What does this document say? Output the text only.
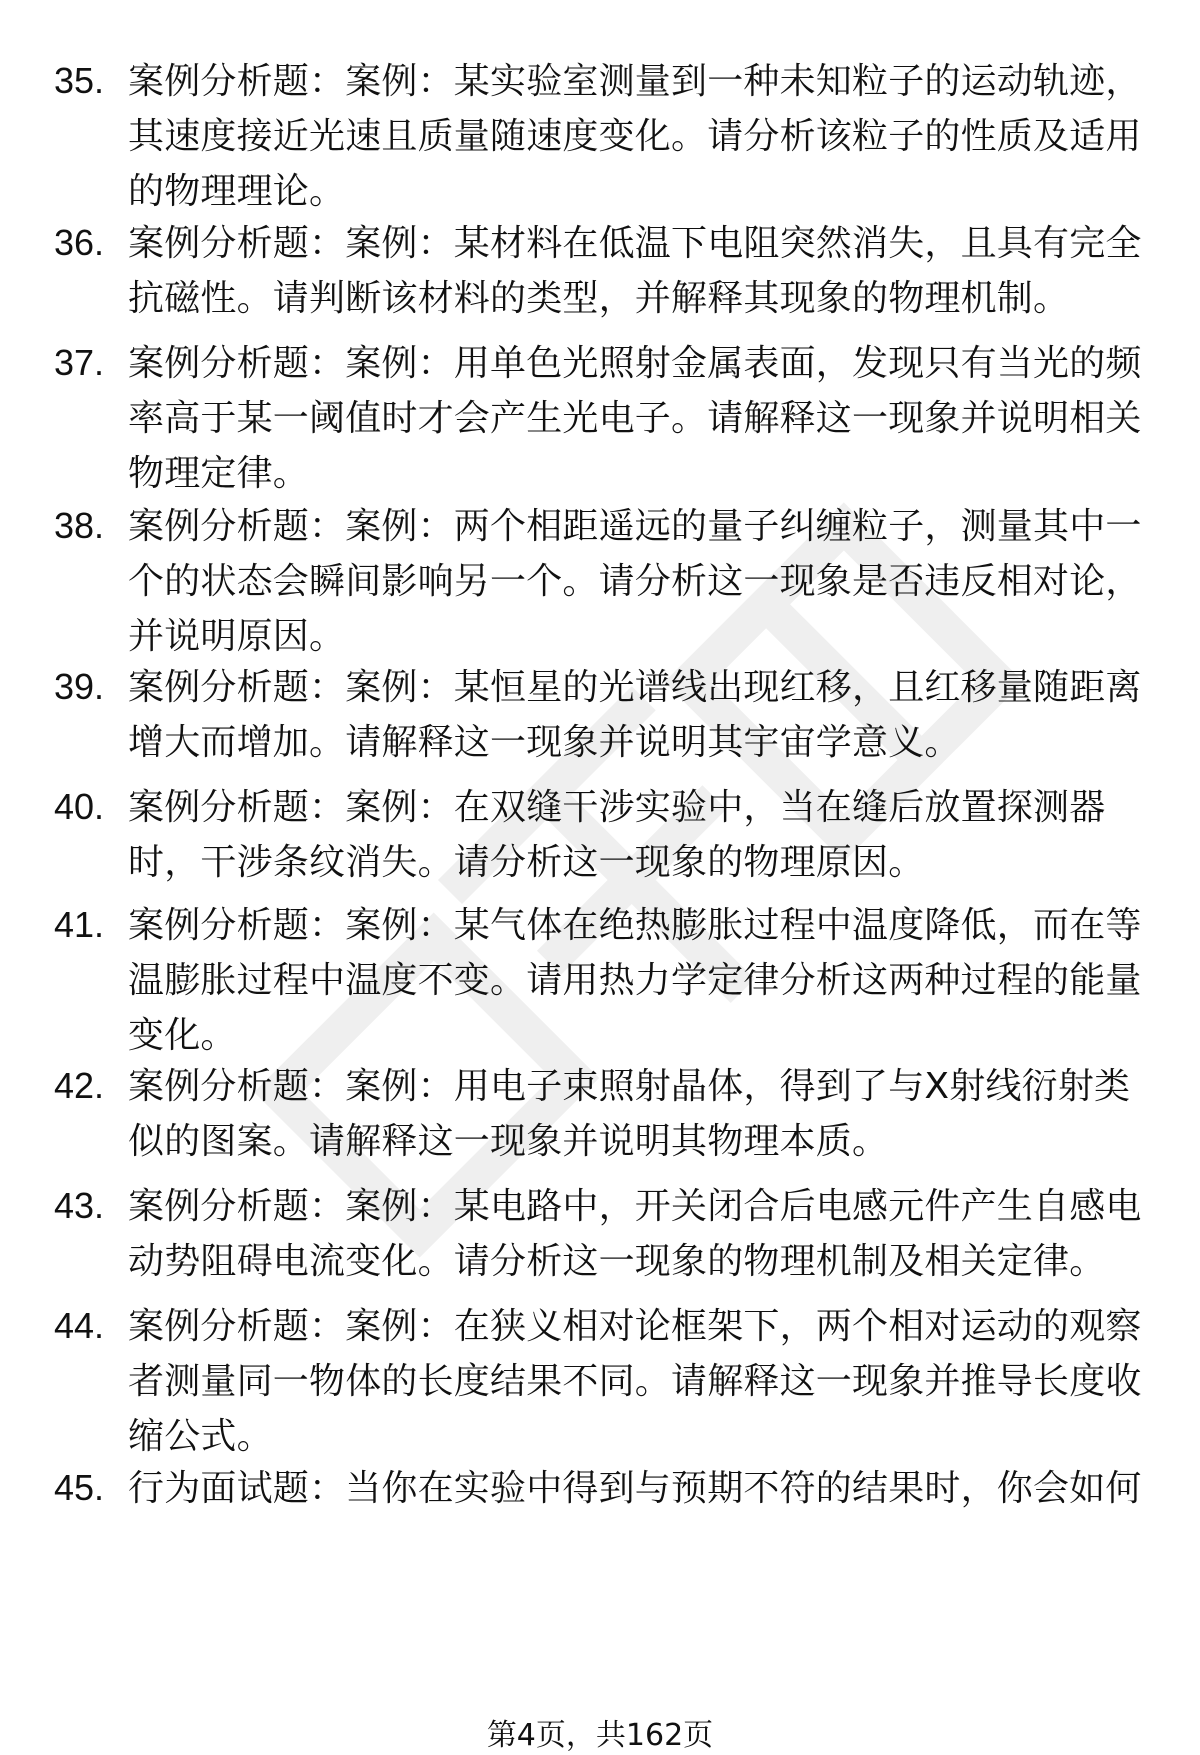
35. 案例分析题：案例：某实验室测量到一种未知粒子的运动轨迹，其速度接近光速且质量随速度变化。请分析该粒子的性质及适用的物理理论。
36. 案例分析题：案例：某材料在低温下电阻突然消失，且具有完全抗磁性。请判断该材料的类型，并解释其现象的物理机制。
37. 案例分析题：案例：用单色光照射金属表面，发现只有当光的频率高于某一阈值时才会产生光电子。请解释这一现象并说明相关物理定律。
38. 案例分析题：案例：两个相距遥远的量子纠缠粒子，测量其中一个的状态会瞬间影响另一个。请分析这一现象是否违反相对论，并说明原因。
39. 案例分析题：案例：某恒星的光谱线出现红移，且红移量随距离增大而增加。请解释这一现象并说明其宇宙学意义。
40. 案例分析题：案例：在双缝干涉实验中，当在缝后放置探测器时，干涉条纹消失。请分析这一现象的物理原因。
41. 案例分析题：案例：某气体在绝热膨胀过程中温度降低，而在等温膨胀过程中温度不变。请用热力学定律分析这两种过程的能量变化。
42. 案例分析题：案例：用电子束照射晶体，得到了与X射线衍射类似的图案。请解释这一现象并说明其物理本质。
43. 案例分析题：案例：某电路中，开关闭合后电感元件产生自感电动势阻碍电流变化。请分析这一现象的物理机制及相关定律。
44. 案例分析题：案例：在狭义相对论框架下，两个相对运动的观察者测量同一物体的长度结果不同。请解释这一现象并推导长度收缩公式。
45. 行为面试题：当你在实验中得到与预期不符的结果时，你会如何
第4页，共162页
